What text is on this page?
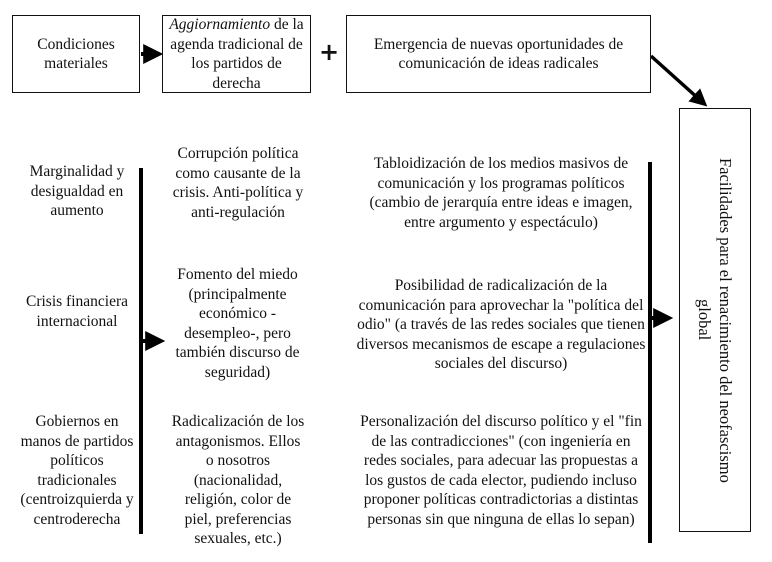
Condiciones
materiales
Aggiornamiento de la agenda tradicional de los partidos de derecha
+	Emergencia de nuevas oportunidades de comunicación de ideas radicales
Facilidades para el renacimiento del neofascismo global
Marginalidad y desigualdad en aumento
Crisis financiera internacional
Gobiernos en manos de partidos políticos tradicionales (centroizquierda y centroderecha
Corrupción política como causante de la crisis. Anti-política y anti-regulación
Fomento del miedo (principalmente económico -desempleo-, pero también discurso de seguridad)
Radicalización de los antagonismos. Ellos o nosotros (nacionalidad, religión, color de piel, preferencias sexuales, etc.)
Tabloidización de los medios masivos de comunicación y los programas políticos (cambio de jerarquía entre ideas e imagen, entre argumento y espectáculo)
Posibilidad de radicalización de la comunicación para aprovechar la "política del odio" (a través de las redes sociales que tienen diversos mecanismos de escape a regulaciones sociales del discurso)
Personalización del discurso político y el "fin de las contradicciones" (con ingeniería en redes sociales, para adecuar las propuestas a los gustos de cada elector, pudiendo incluso proponer políticas contradictorias a distintas personas sin que ninguna de ellas lo sepan)
